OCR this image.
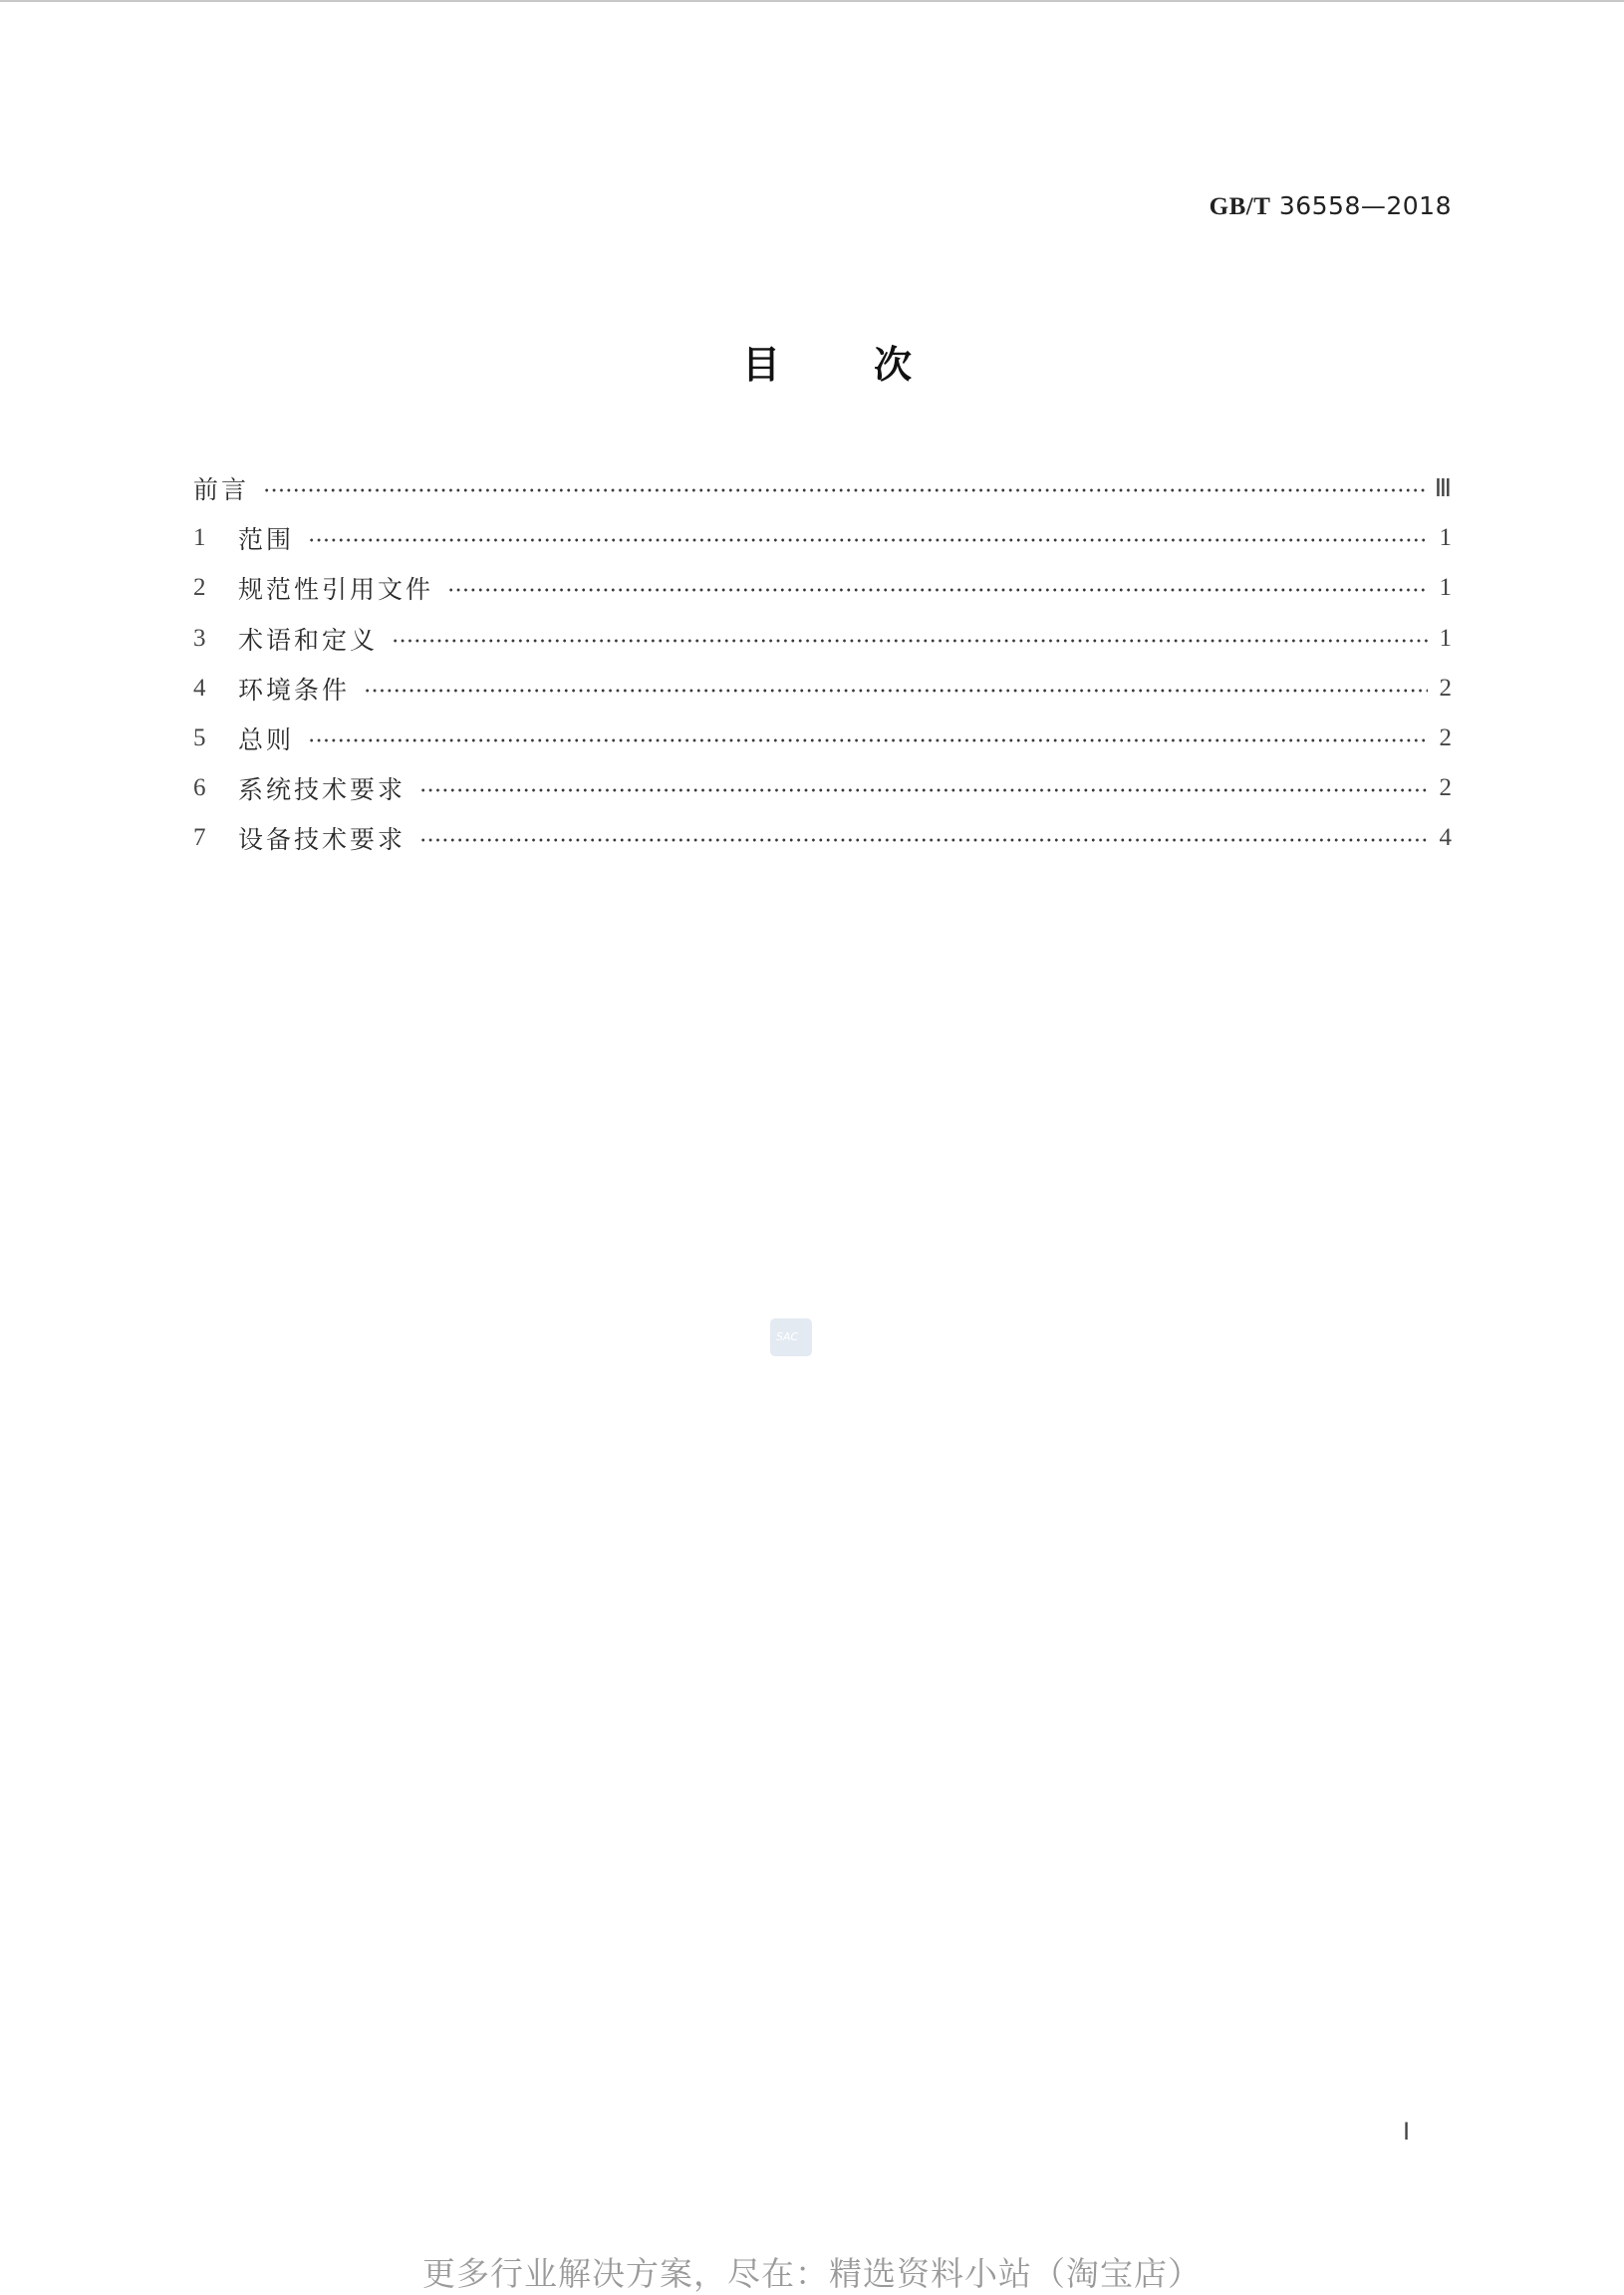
GB/T 36558—2018
目 次
前言	Ⅲ
1	范围	1
2	规范性引用文件	1
3	术语和定义	1
4	环境条件	2
5	总则	2
6	系统技术要求	2
7	设备技术要求	4
SAC
Ⅰ
更多行业解决方案，尽在：精选资料小站（淘宝店）
